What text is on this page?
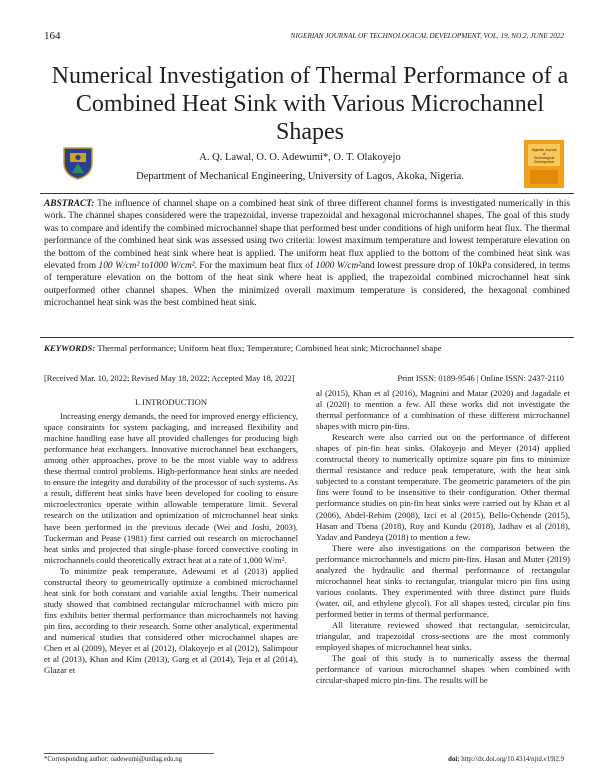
164	NIGERIAN JOURNAL OF TECHNOLOGICAL DEVELOPMENT, VOL. 19, NO.2, JUNE 2022
Numerical Investigation of Thermal Performance of a
Combined Heat Sink with Various Microchannel
Shapes
Nigerian Journal
of
Technological
Development
A. Q. Lawal, O. O. Adewumi*, O. T. Olakoyejo
Department of Mechanical Engineering, University of Lagos, Akoka, Nigeria.
ABSTRACT: The influence of channel shape on a combined heat sink of three different channel forms is investigated numerically in this work. The channel shapes considered were the trapezoidal, inverse trapezoidal and hexagonal microchannel shapes. The goal of this study was to compare and identify the combined microchannel shape that performed best under conditions of high uniform heat flux. The thermal performance of the combined heat sink was assessed using two criteria: lowest maximum temperature and lowest temperature elevation on the bottom of the combined heat sink where heat is applied. The uniform heat flux applied to the bottom of the combined heat sink was elevated from 100 W/cm² to1000 W/cm². For the maximum heat flux of 1000 W/cm²and lowest pressure drop of 10kPa considered, in terms of temperature elevation on the bottom of the heat sink where heat is applied, the trapezoidal combined microchannel heat sink outperformed other channel shapes. When the minimized overall maximum temperature is considered, the hexagonal combined microchannel heat sink was the best combined heat sink.
KEYWORDS: Thermal performance; Uniform heat flux; Temperature; Combined heat sink; Microchannel shape
[Received Mar. 10, 2022; Revised May 18, 2022; Accepted May 18, 2022]	Print ISSN: 0189-9546 | Online ISSN: 2437-2110

I. INTRODUCTION

Increasing energy demands, the need for improved energy efficiency, space constraints for system packaging, and increased flexibility and machine handling ease have all provided challenges for producing high performance heat exchangers. Innovative microchannel heat exchangers, among other approaches, prove to be the most viable way to address these thermal control problems. High-performance heat sinks are needed to ensure the integrity and durability of the processor of such systems. As a result, different heat sinks have been developed for cooling to ensure microelectronics operate within allowable temperature limit. Several research on the utilization and optimization of microchannel heat sinks have been performed in the previous decade (Wei and Joshi, 2003). Tuckerman and Pease (1981) first carried out research on microchannel heat sinks and projected that single-phase forced convective cooling in microchannels could theoretically extract heat at a rate of 1,000 W/m².

To minimize peak temperature, Adewumi et al (2013) applied constructal theory to geometrically optimize a combined microchannel heat sink for both constant and variable axial lengths. Their numerical study showed that combined rectangular microchannel with micro pin fins exhibits better thermal performance than microchannels not having pin fins, according to their research. Some other analytical, experimental and numerical studies that considered other microchannel shapes are Chen et al (2009), Meyer et al (2012), Olakoyejo et al (2012), Salimpour et al (2013), Khan and Kim (2013), Garg et al (2014), Teja et al (2014), Glazar et

al (2015), Khan et al (2016), Magnini and Matar (2020) and Jagadale et al (2020) to mention a few. All these works did not investigate the thermal performance of a combination of these different microchannel shapes with micro pin-fins.

Research were also carried out on the performance of different shapes of pin-fin heat sinks. Olakoyejo and Meyer (2014) applied constructal theory to numerically optimize square pin fins to minimize thermal resistance and reduce peak temperature, with the heat sink subjected to a constant temperature. The geometric parameters of the pin fins were found to be insensitive to their configuration. Other thermal performance studies on pin-fin heat sinks were carried out by Khan et al (2006), Abdel-Rehim (2008), Izci et al (2015), Bello-Ochende (2015), Hasan and Tbena (2018), Roy and Kundu (2018), Jadhav et al (2018), Yadav and Pandeya (2018) to mention a few.

There were also investigations on the comparison between the performance microchannels and micro pin-fins. Hasan and Muter (2019) analyzed the hydraulic and thermal performance of rectangular microchannel heat sinks to rectangular, triangular micro pin fins using various coolants. They experimented with three distinct pure fluids (water, oil, and ethylene glycol). For all shapes tested, circular pin fins performed better in terms of thermal performance.

All literature reviewed showed that rectangular, semicircular, triangular, and trapezoidal cross-sections are the most commonly employed shapes of microchannel heat sinks.

The goal of this study is to numerically assess the thermal performance of various microchannel shapes when combined with circular-shaped micro pin-fins. The results will be

*Corresponding author: oadewumi@unilag.edu.ng	doi: http://dx.doi.org/10.4314/njtd.v19i2.9
